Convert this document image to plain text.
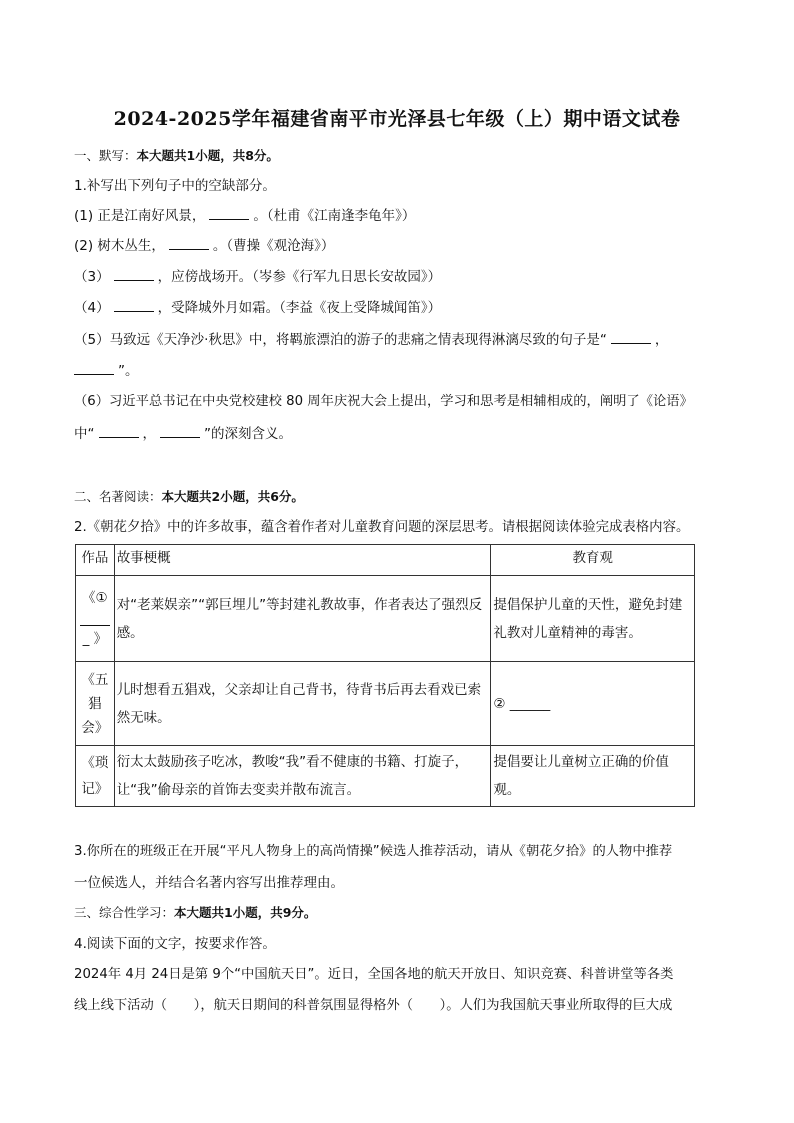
2024-2025学年福建省南平市光泽县七年级（上）期中语文试卷
一、默写：本大题共1小题，共8分。
1.补写出下列句子中的空缺部分。
(1) 正是江南好风景，	。（杜甫《江南逢李龟年》）
(2) 树木丛生，	。（曹操《观沧海》）
（3）	，应傍战场开。（岑参《行军九日思长安故园》）
（4）	，受降城外月如霜。（李益《夜上受降城闻笛》）
（5）马致远《天净沙·秋思》中，将羁旅漂泊的游子的悲痛之情表现得淋漓尽致的句子是“	，
”。
（6）习近平总书记在中央党校建校 80 周年庆祝大会上提出，学习和思考是相辅相成的，阐明了《论语》
中“	，	”的深刻含义。
二、名著阅读：本大题共2小题，共6分。
2.《朝花夕拾》中的许多故事，蕴含着作者对儿童教育问题的深层思考。请根据阅读体验完成表格内容。
作品	故事梗概	教育观

《①
_ 》	对“老莱娱亲”“郭巨埋儿”等封建礼教故事，作者表达了强烈反感。	提倡保护儿童的天性，避免封建礼教对儿童精神的毒害。

《五
猖
会》	儿时想看五猖戏，父亲却让自己背书，待背书后再去看戏已索然无味。	② ______

《琐
记》	衍太太鼓励孩子吃冰，教唆“我”看不健康的书籍、打旋子，让“我”偷母亲的首饰去变卖并散布流言。	提倡要让儿童树立正确的价值观。
3.你所在的班级正在开展“平凡人物身上的高尚情操”候选人推荐活动，请从《朝花夕拾》的人物中推荐
一位候选人，并结合名著内容写出推荐理由。
三、综合性学习：本大题共1小题，共9分。
4.阅读下面的文字，按要求作答。
2024年 4月 24日是第 9个“中国航天日”。近日，全国各地的航天开放日、知识竞赛、科普讲堂等各类
线上线下活动（　　），航天日期间的科普氛围显得格外（　　）。人们为我国航天事业所取得的巨大成
